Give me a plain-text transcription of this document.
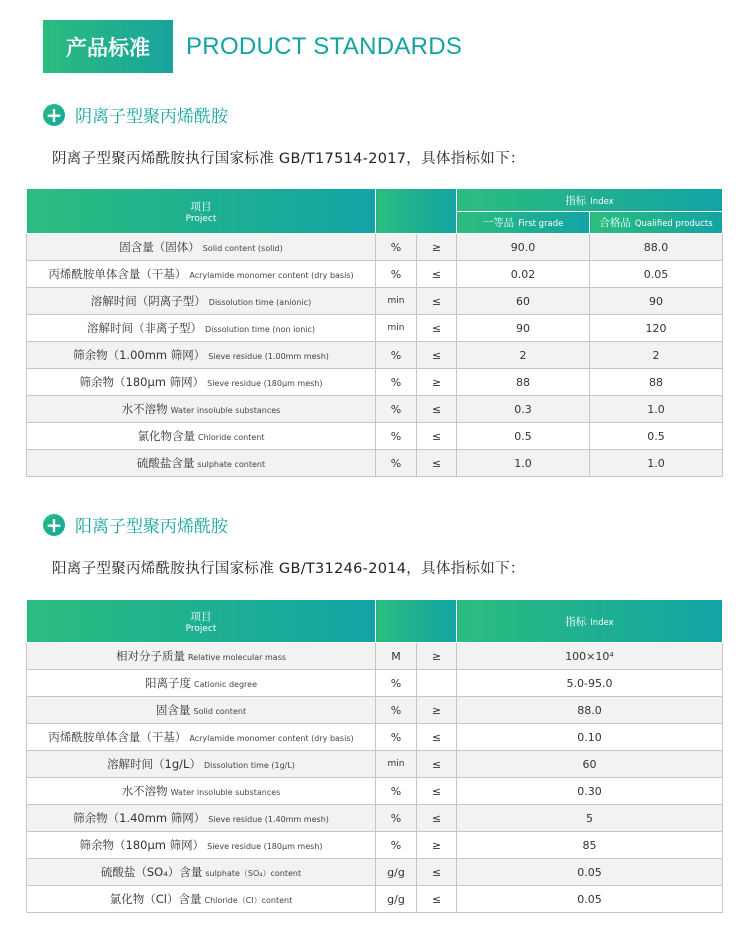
产品标准	PRODUCT STANDARDS
+ 阴离子型聚丙烯酰胺
阴离子型聚丙烯酰胺执行国家标准 GB/T17514-2017，具体指标如下：
项目
Project			指标 Index	
			一等品 First grade	合格品 Qualified products
固含量（固体） Solid content (solid)	%	≥	90.0	88.0
丙烯酰胺单体含量（干基） Acrylamide monomer content (dry basis)	%	≤	0.02	0.05
溶解时间（阴离子型） Dissolution time (anionic)	min	≤	60	90
溶解时间（非离子型） Dissolution time (non ionic)	min	≤	90	120
筛余物（1.00mm 筛网） Sieve residue (1.00mm mesh)	%	≤	2	2
筛余物（180μm 筛网） Sieve residue (180μm mesh)	%	≥	88	88
水不溶物 Water insoluble substances	%	≤	0.3	1.0
氯化物含量 Chloride content	%	≤	0.5	0.5
硫酸盐含量 sulphate content	%	≤	1.0	1.0
+ 阳离子型聚丙烯酰胺
阳离子型聚丙烯酰胺执行国家标准 GB/T31246-2014，具体指标如下：
项目
Project			指标 Index
相对分子质量 Relative molecular mass	M	≥	100×10⁴
阳离子度 Cationic degree	%		5.0-95.0
固含量 Solid content	%	≥	88.0
丙烯酰胺单体含量（干基） Acrylamide monomer content (dry basis)	%	≤	0.10
溶解时间（1g/L） Dissolution time (1g/L)	min	≤	60
水不溶物 Water insoluble substances	%	≤	0.30
筛余物（1.40mm 筛网） Sieve residue (1.40mm mesh)	%	≤	5
筛余物（180μm 筛网） Sieve residue (180μm mesh)	%	≥	85
硫酸盐（SO₄）含量 sulphate（SO₄）content	g/g	≤	0.05
氯化物（Cl）含量 Chloride（Cl）content	g/g	≤	0.05
